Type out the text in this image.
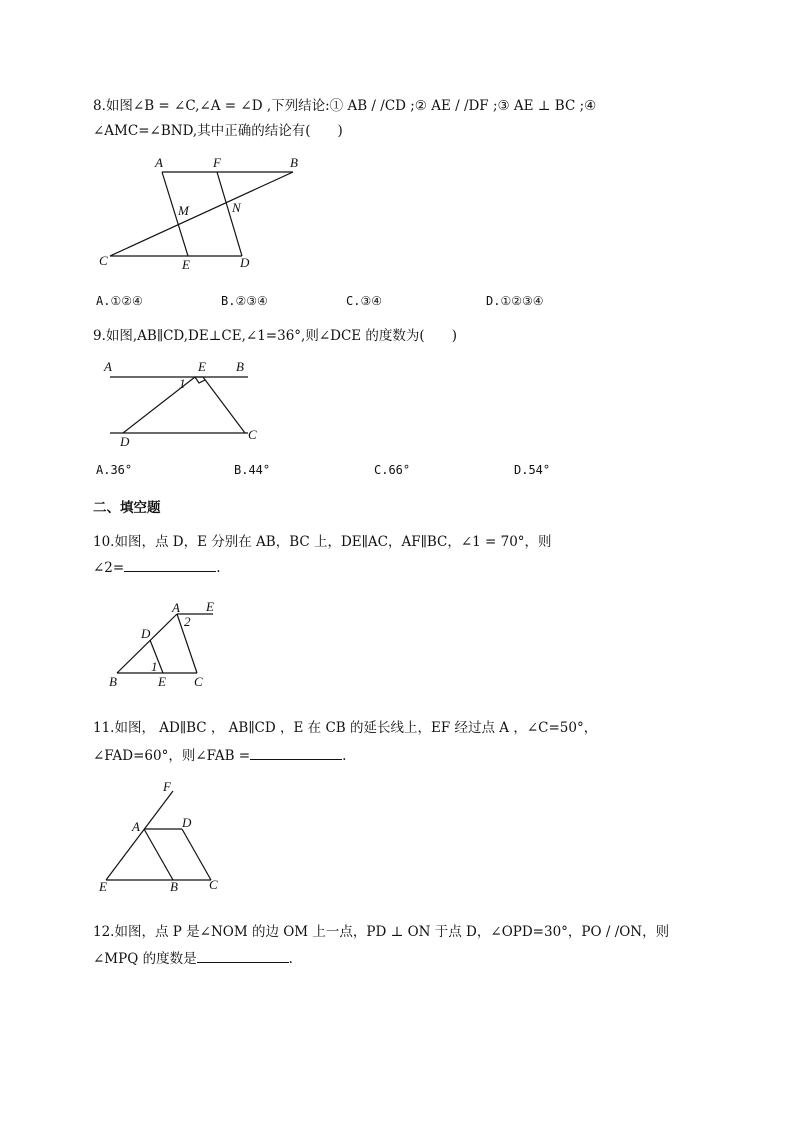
8.如图∠B = ∠C,∠A = ∠D ,下列结论:① AB / /CD ;② AE / /DF ;③ AE ⊥ BC ;④
∠AMC=∠BND,其中正确的结论有(　　)
A	F	B
M	N
C	E	D
A.①②④	B.②③④	C.③④	D.①②③④
9.如图,AB∥CD,DE⊥CE,∠1=36°,则∠DCE 的度数为(　　)
A	E B
1
D	C
A.36°	B.44°	C.66°	D.54°
二、填空题
10.如图，点 D，E 分别在 AB，BC 上，DE∥AC，AF∥BC，∠1 = 70°，则
∠2=	.
A E
2
D
1
B	E C
11.如图， AD∥BC ， AB∥CD ，E 在 CB 的延长线上，EF 经过点 A ，∠C=50°，
∠FAD=60°，则∠FAB =	.
F
A	D
E	B C
12.如图，点 P 是∠NOM 的边 OM 上一点，PD ⊥ ON 于点 D，∠OPD=30°，PO / /ON，则
∠MPQ 的度数是	.
